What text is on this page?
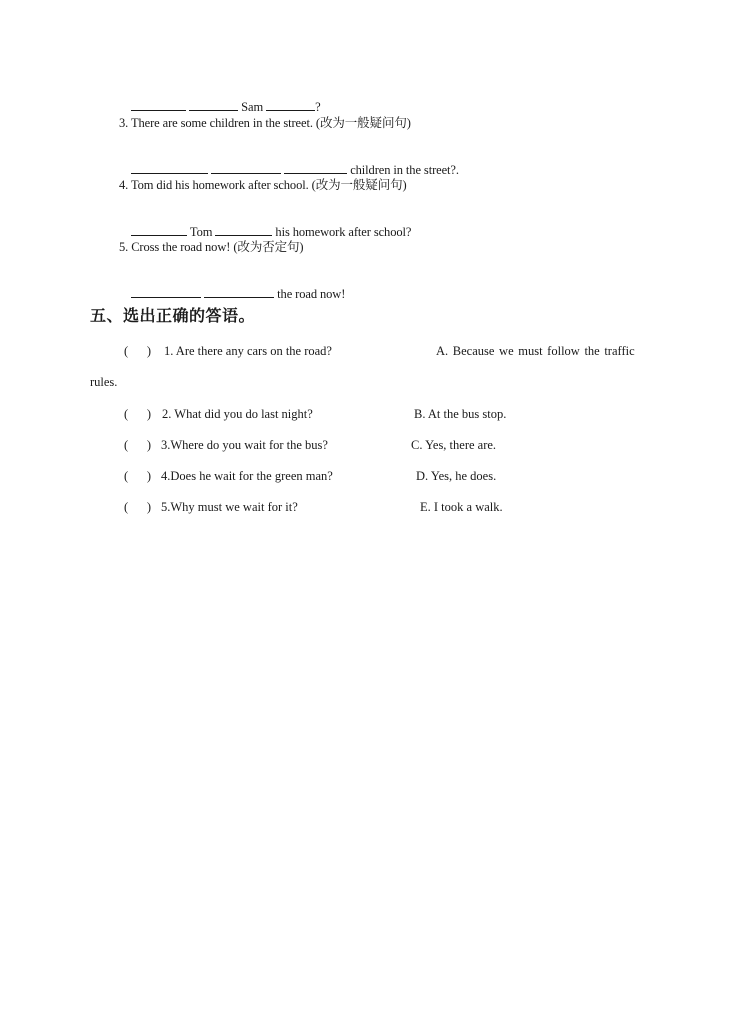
Sam	?

3. There are some children in the street. (改为一般疑问句)

children in the street?.

4. Tom did his homework after school. (改为一般疑问句)

Tom	his homework after school?

5. Cross the road now! (改为否定句)

the road now!

五、选出正确的答语。
(      ) 1. Are there any cars on the road?	A. Because we must follow the traffic
rules.
(      ) 2. What did you do last night?	B. At the bus stop.
(      ) 3.Where do you wait for the bus?	C. Yes, there are.
(      ) 4.Does he wait for the green man?	D. Yes, he does.
(      ) 5.Why must we wait for it?	E. I took a walk.
